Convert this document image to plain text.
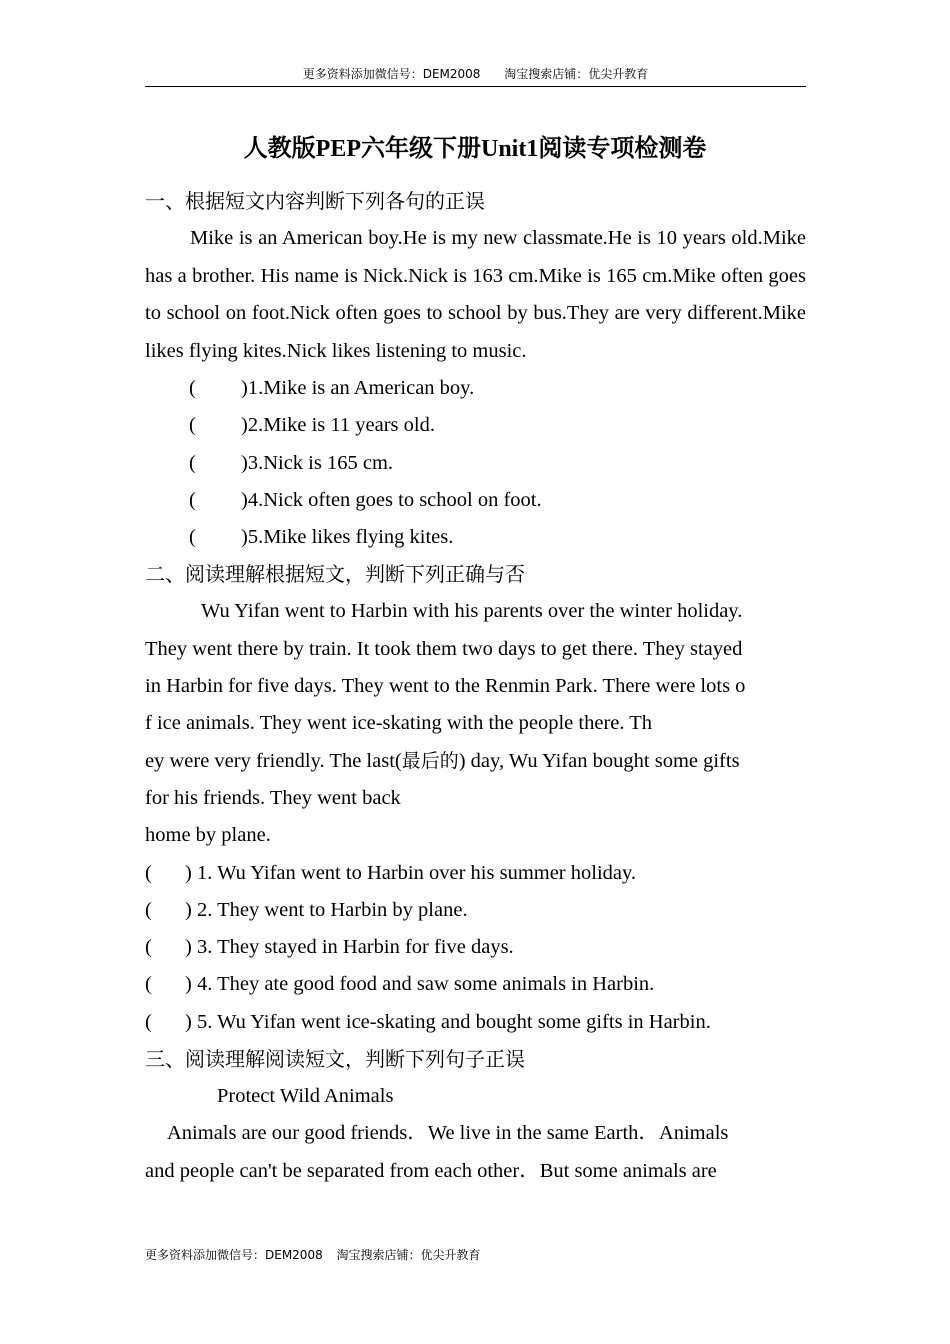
更多资料添加微信号：DEM2008 淘宝搜索店铺：优尖升教育
人教版PEP六年级下册Unit1阅读专项检测卷
一、根据短文内容判断下列各句的正误
Mike is an American boy.He is my new classmate.He is 10 years old.Mike has a brother. His name is Nick.Nick is 163 cm.Mike is 165 cm.Mike often goes to school on foot.Nick often goes to school by bus.They are very different.Mike likes flying kites.Nick likes listening to music.
( )1.Mike is an American boy.
( )2.Mike is 11 years old.
( )3.Nick is 165 cm.
( )4.Nick often goes to school on foot.
( )5.Mike likes flying kites.
二、阅读理解根据短文，判断下列正确与否
Wu Yifan went to Harbin with his parents over the winter holiday.
They went there by train. It took them two days to get there. They stayed
in Harbin for five days. They went to the Renmin Park. There were lots o
f ice animals. They went ice-skating with the people there. Th
ey were very friendly. The last(最后的) day, Wu Yifan bought some gifts
for his friends. They went back
home by plane.
( ) 1. Wu Yifan went to Harbin over his summer holiday.
( ) 2. They went to Harbin by plane.
( ) 3. They stayed in Harbin for five days.
( ) 4. They ate good food and saw some animals in Harbin.
( ) 5. Wu Yifan went ice-skating and bought some gifts in Harbin.
三、阅读理解阅读短文，判断下列句子正误
Protect Wild Animals
Animals are our good friends．We live in the same Earth．Animals
and people can't be separated from each other．But some animals are
更多资料添加微信号：DEM2008 淘宝搜索店铺：优尖升教育
